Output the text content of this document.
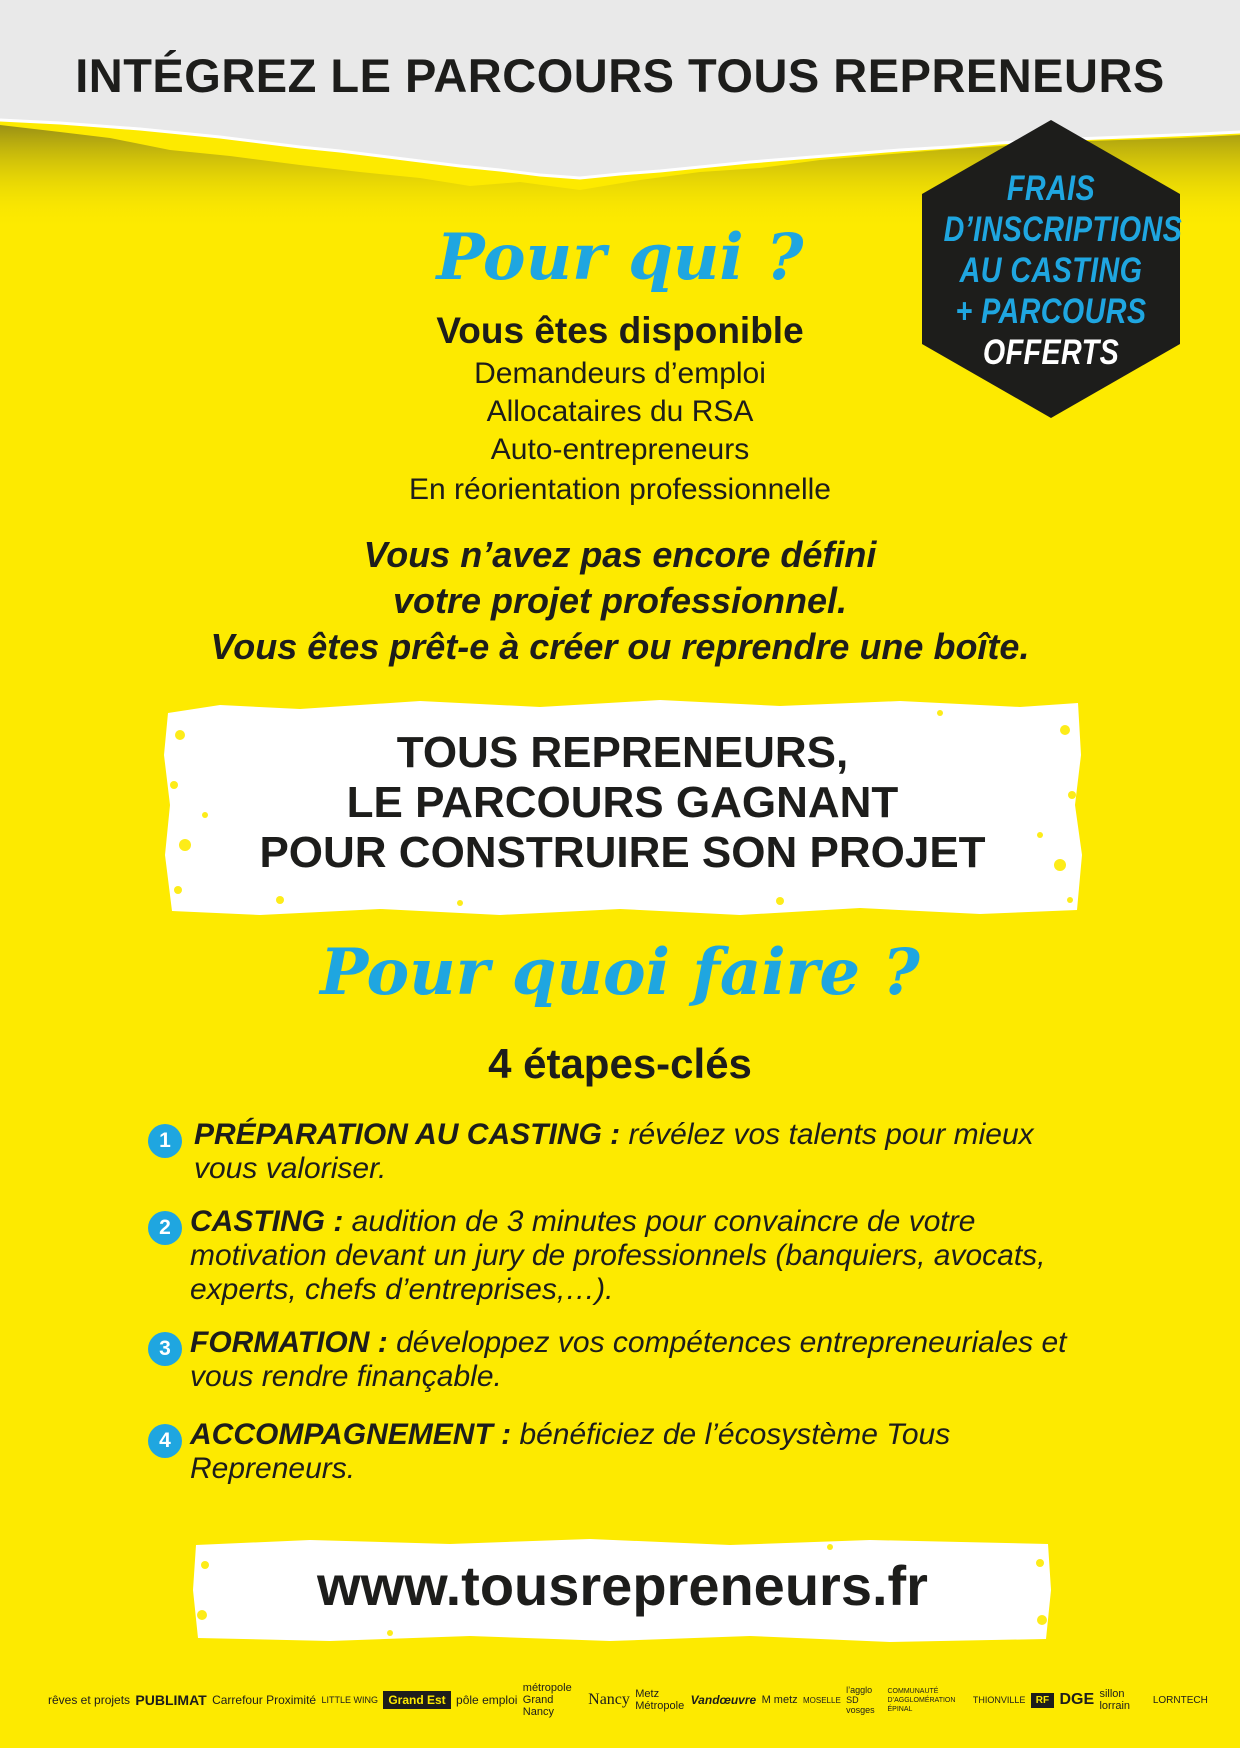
INTÉGREZ LE PARCOURS TOUS REPRENEURS
FRAIS
D’INSCRIPTIONS
AU CASTING
+ PARCOURS
OFFERTS
Pour qui ?
Vous êtes disponible
Demandeurs d’emploi
Allocataires du RSA
Auto-entrepreneurs
En réorientation professionnelle
Vous n’avez pas encore défini
votre projet professionnel.
Vous êtes prêt-e à créer ou reprendre une boîte.
TOUS REPRENEURS,
LE PARCOURS GAGNANT
POUR CONSTRUIRE SON PROJET
Pour quoi faire ?
4 étapes-clés
1 PRÉPARATION AU CASTING : révélez vos talents pour mieux vous valoriser.
2 CASTING : audition de 3 minutes pour convaincre de votre motivation devant un jury de professionnels (banquiers, avocats, experts, chefs d’entreprises,…).
3 FORMATION : développez vos compétences entrepreneuriales et vous rendre finançable.
4 ACCOMPAGNEMENT : bénéficiez de l’écosystème Tous Repreneurs.
www.tousrepreneurs.fr
rêves et projets PUBLIMAT Carrefour Proximité LITTLE WING Grand Est pôle emploi
métropole Grand Nancy
Nancy Metz Métropole Vandœuvre M metz MOSELLE
l’agglo SD vosges
COMMUNAUTÉ D’AGGLOMÉRATION ÉPINAL
THIONVILLE	RF DGE sillon lorrain	LORNTECH
